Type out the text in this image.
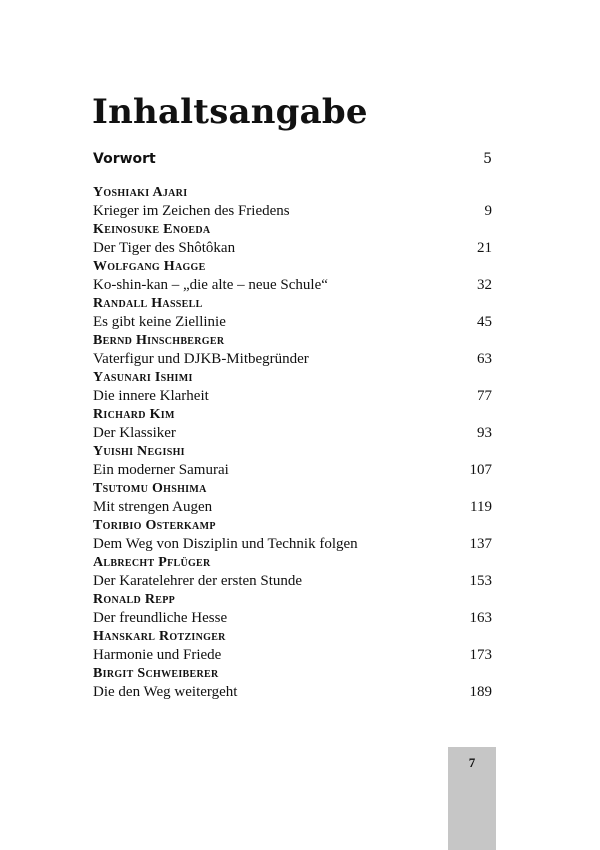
Inhaltsangabe
Vorwort	5
Yoshiaki Ajari
Krieger im Zeichen des Friedens	9
Keinosuke Enoeda
Der Tiger des Shôtôkan	21
Wolfgang Hagge
Ko-shin-kan – „die alte – neue Schule“	32
Randall Hassell
Es gibt keine Ziellinie	45
Bernd Hinschberger
Vaterfigur und DJKB-Mitbegründer	63
Yasunari Ishimi
Die innere Klarheit	77
Richard Kim
Der Klassiker	93
Yuishi Negishi
Ein moderner Samurai	107
Tsutomu Ohshima
Mit strengen Augen	119
Toribio Osterkamp
Dem Weg von Disziplin und Technik folgen	137
Albrecht Pflüger
Der Karatelehrer der ersten Stunde	153
Ronald Repp
Der freundliche Hesse	163
Hanskarl Rotzinger
Harmonie und Friede	173
Birgit Schweiberer
Die den Weg weitergeht	189
7
